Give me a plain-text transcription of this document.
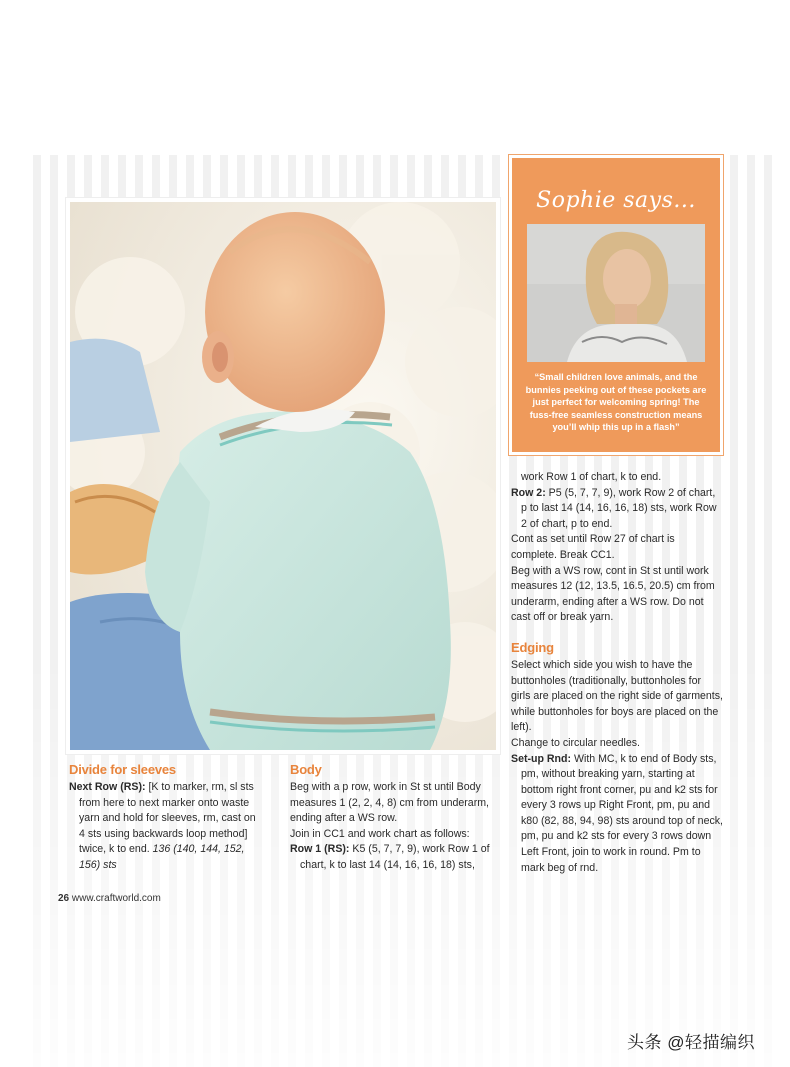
Sophie says...
“Small children love animals, and the bunnies peeking out of these pockets are just perfect for welcoming spring! The fuss-free seamless construction means you’ll whip this up in a flash”
Divide for sleeves

Next Row (RS): [K to marker, rm, sl sts from here to next marker onto waste yarn and hold for sleeves, rm, cast on 4 sts using backwards loop method] twice, k to end. 136 (140, 144, 152, 156) sts

Body

Beg with a p row, work in St st until Body measures 1 (2, 2, 4, 8) cm from underarm, ending after a WS row.

Join in CC1 and work chart as follows:

Row 1 (RS): K5 (5, 7, 7, 9), work Row 1 of chart, k to last 14 (14, 16, 16, 18) sts,

work Row 1 of chart, k to end.

Row 2: P5 (5, 7, 7, 9), work Row 2 of chart, p to last 14 (14, 16, 16, 18) sts, work Row 2 of chart, p to end.

Cont as set until Row 27 of chart is complete. Break CC1.

Beg with a WS row, cont in St st until work measures 12 (12, 13.5, 16.5, 20.5) cm from underarm, ending after a WS row. Do not cast off or break yarn.

Edging

Select which side you wish to have the buttonholes (traditionally, buttonholes for girls are placed on the right side of garments, while buttonholes for boys are placed on the left).

Change to circular needles.

Set-up Rnd: With MC, k to end of Body sts, pm, without breaking yarn, starting at bottom right front corner, pu and k2 sts for every 3 rows up Right Front, pm, pu and k80 (82, 88, 94, 98) sts around top of neck, pm, pu and k2 sts for every 3 rows down Left Front, join to work in round. Pm to mark beg of rnd.

26 www.craftworld.com
头条 @轻描编织
